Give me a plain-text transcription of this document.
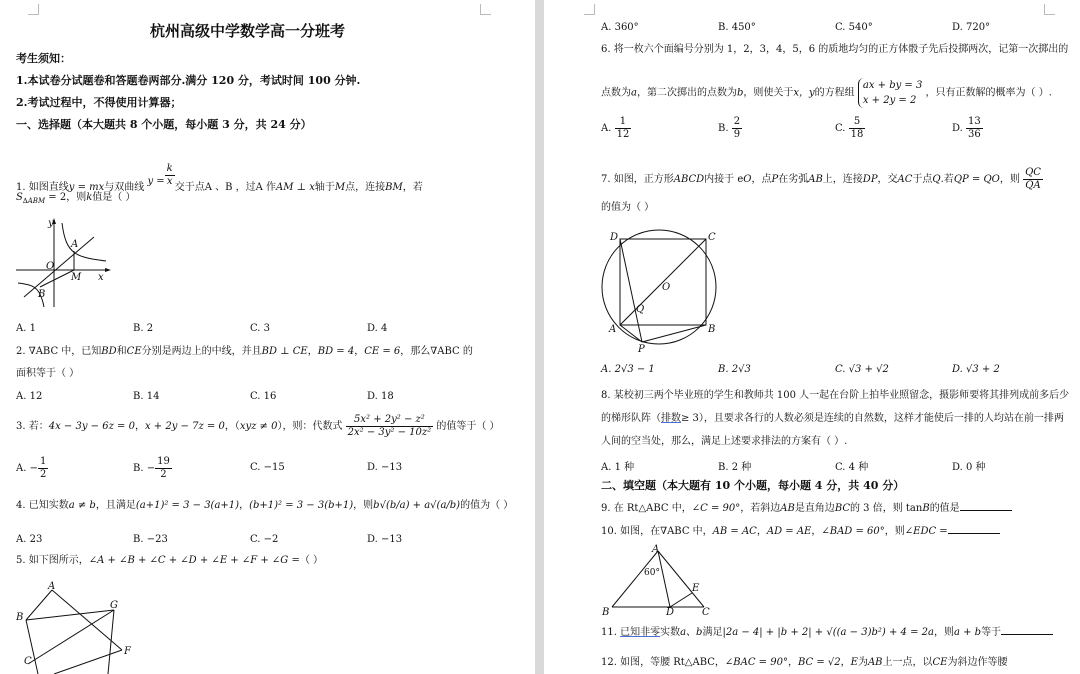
杭州高级中学数学高一分班考
考生须知：
1.本试卷分试题卷和答题卷两部分.满分 120 分，考试时间 100 分钟.
2.考试过程中，不得使用计算器；
一、选择题（本大题共 8 个小题，每小题 3 分，共 24 分）
1. 如图直线y = mx与双曲线 $y = \frac{k}{x}$ 交于点A 、B ，过A 作AM ⊥ x轴于M点，连接BM，若
$S_{\Delta ABM} = 2$，则k值是（ ）
y
A
O
M x
B
A. 1	B. 2	C. 3	D. 4
2. ∇ABC 中，已知BD和CE分别是两边上的中线，并且BD ⊥ CE，BD = 4，CE = 6，那么∇ABC 的
面积等于（ ）
A. 12	B. 14	C. 16	D. 18
3. 若：4x − 3y − 6z = 0，x + 2y − 7z = 0，（xyz ≠ 0），则：代数式 $\frac{\text{5x² + 2y² − z²}}{\text{2x² − 3y² − 10z²}}$ 的值等于（ ）
A. − $\frac{1}{2}$	B. − $\frac{19}{2}$	C. −15	D. −13
4. 已知实数a ≠ b，且满足(a+1)² = 3 − 3(a+1)，(b+1)² = 3 − 3(b+1)，则b√(b/a) + a√(a/b)的值为（ ）
A. 23	B. −23	C. −2	D. −13
5. 如下图所示，∠A + ∠B + ∠C + ∠D + ∠E + ∠F + ∠G =（ ）
A
G
B
F
C
A. 360°	B. 450°	C. 540°	D. 720°
6. 将一枚六个面编号分别为 1，2，3，4，5，6 的质地均匀的正方体骰子先后投掷两次，记第一次掷出的
点数为a，第二次掷出的点数为b，则使关于x，y的方程组
ax + by = 3
x + 2y = 2
，只有正数解的概率为（ ）.
A. $\frac{1}{12}$	B. $\frac{2}{9}$	C. $\frac{5}{18}$	D. $\frac{13}{36}$
7. 如图，正方形ABCD内接于 eO，点P在劣弧AB上，连接DP，交AC于点Q.若QP = QO，则 $\frac{QC}{QA}$
的值为（ ）
D	C
O
Q
A	B
P
A. 2√3 − 1	B. 2√3	C. √3 + √2	D. √3 + 2
8. 某校初三两个毕业班的学生和教师共 100 人一起在台阶上拍毕业照留念，摄影师要将其排列成前多后少
的梯形队阵（排数≥ 3），且要求各行的人数必须是连续的自然数，这样才能使后一排的人均站在前一排两
人间的空当处，那么，满足上述要求排法的方案有（ ）.
A. 1 种	B. 2 种	C. 4 种	D. 0 种
二、填空题（本大题有 10 个小题，每小题 4 分，共 40 分）
9. 在 Rt△ABC 中，∠C = 90°，若斜边AB是直角边BC的 3 倍，则 tanB的值是
10. 如图，在∇ABC 中，AB = AC，AD = AE，∠BAD = 60°，则∠EDC =
A
60°
E
B	D	C
11. 已知非零实数a、b满足|2a − 4| + |b + 2| + √((a − 3)b²) + 4 = 2a，则a + b等于
12. 如图，等腰 Rt△ABC，∠BAC = 90°，BC = √2，E为AB上一点，以CE为斜边作等腰
